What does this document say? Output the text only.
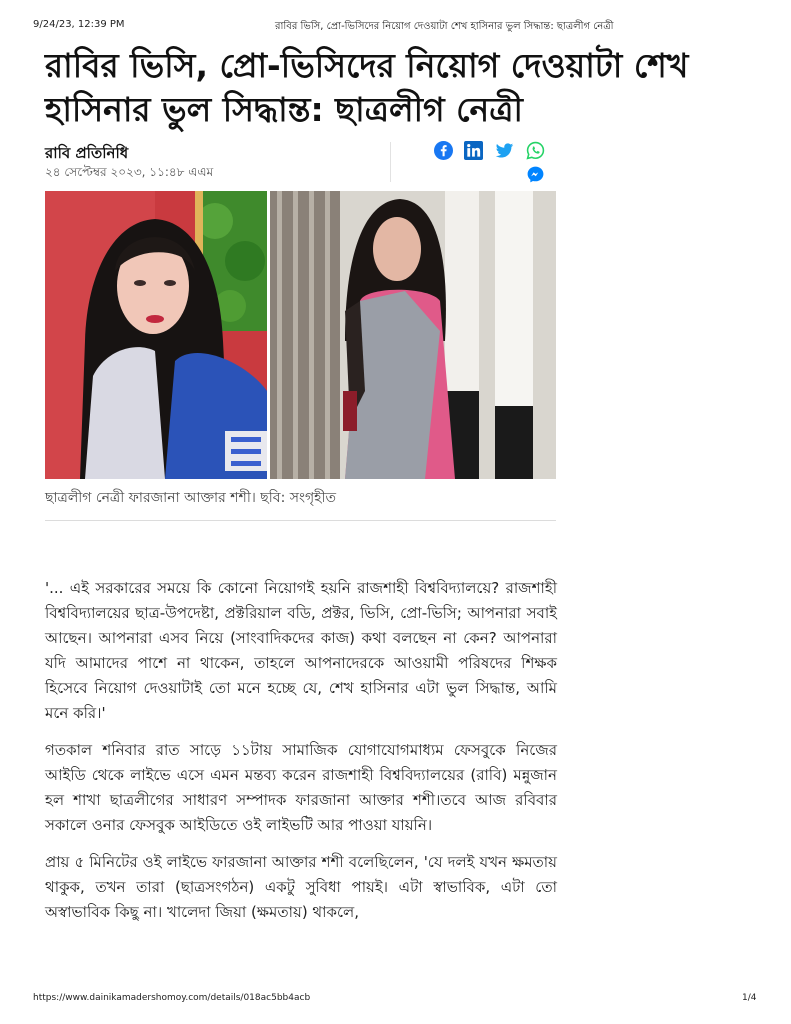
9/24/23, 12:39 PM	রাবির ভিসি, প্রো-ভিসিদের নিয়োগ দেওয়াটা শেখ হাসিনার ভুল সিদ্ধান্ত: ছাত্রলীগ নেত্রী
রাবির ভিসি, প্রো-ভিসিদের নিয়োগ দেওয়াটা শেখ হাসিনার ভুল সিদ্ধান্ত: ছাত্রলীগ নেত্রী
রাবি প্রতিনিধি
২৪ সেপ্টেম্বর ২০২৩, ১১:৪৮ এএম
ছাত্রলীগ নেত্রী ফারজানা আক্তার শশী। ছবি: সংগৃহীত

'... এই সরকারের সময়ে কি কোনো নিয়োগই হয়নি রাজশাহী বিশ্ববিদ্যালয়ে? রাজশাহী বিশ্ববিদ্যালয়ের ছাত্র-উপদেষ্টা, প্রক্টরিয়াল বডি, প্রক্টর, ভিসি, প্রো-ভিসি; আপনারা সবাই আছেন। আপনারা এসব নিয়ে (সাংবাদিকদের কাজ) কথা বলছেন না কেন? আপনারা যদি আমাদের পাশে না থাকেন, তাহলে আপনাদেরকে আওয়ামী পরিষদের শিক্ষক হিসেবে নিয়োগ দেওয়াটাই তো মনে হচ্ছে যে, শেখ হাসিনার এটা ভুল সিদ্ধান্ত, আমি মনে করি।'

গতকাল শনিবার রাত সাড়ে ১১টায় সামাজিক যোগাযোগমাধ্যম ফেসবুকে নিজের আইডি থেকে লাইভে এসে এমন মন্তব্য করেন রাজশাহী বিশ্ববিদ্যালয়ের (রাবি) মন্নুজান হল শাখা ছাত্রলীগের সাধারণ সম্পাদক ফারজানা আক্তার শশী।তবে আজ রবিবার সকালে ওনার ফেসবুক আইডিতে ওই লাইভটি আর পাওয়া যায়নি।

প্রায় ৫ মিনিটের ওই লাইভে ফারজানা আক্তার শশী বলেছিলেন, 'যে দলই যখন ক্ষমতায় থাকুক, তখন তারা (ছাত্রসংগঠন) একটু সুবিধা পায়ই। এটা স্বাভাবিক, এটা তো অস্বাভাবিক কিছু না। খালেদা জিয়া (ক্ষমতায়) থাকলে,

https://www.dainikamadershomoy.com/details/018ac5bb4acb	1/4
